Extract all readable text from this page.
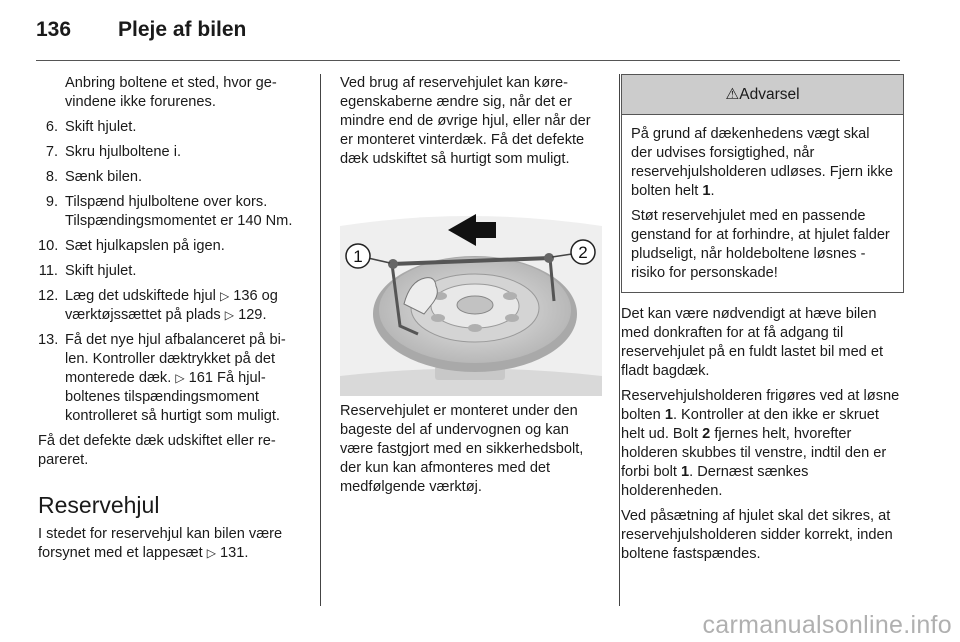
136 Pleje af bilen
Anbring boltene et sted, hvor gevindene ikke forurenes.
6. Skift hjulet.
7. Skru hjulboltene i.
8. Sænk bilen.
9. Tilspænd hjulboltene over kors. Tilspændingsmomentet er 140 Nm.
10. Sæt hjulkapslen på igen.
11. Skift hjulet.
12. Læg det udskiftede hjul ▷ 136 og værktøjssættet på plads ▷ 129.
13. Få det nye hjul afbalanceret på bilen. Kontroller dæktrykket på det monterede dæk. ▷ 161 Få hjulboltenes tilspændingsmoment kontrolleret så hurtigt som muligt.

Få det defekte dæk udskiftet eller repareret.

Reservehjul
I stedet for reservehjul kan bilen være forsynet med et lappesæt ▷ 131.
Ved brug af reservehjulet kan køreegenskaberne ændre sig, når det er mindre end de øvrige hjul, eller når der er monteret vinterdæk. Få det defekte dæk udskiftet så hurtigt som muligt.
1	2

Reservehjulet er monteret under den bageste del af undervognen og kan være fastgjort med en sikkerhedsbolt, der kun kan afmonteres med det medfølgende værktøj.

⚠Advarsel

På grund af dækenhedens vægt skal der udvises forsigtighed, når reservehjulsholderen udløses. Fjern ikke bolten helt 1.

Støt reservehjulet med en passende genstand for at forhindre, at hjulet falder pludseligt, når holdeboltene løsnes - risiko for personskade!

Det kan være nødvendigt at hæve bilen med donkraften for at få adgang til reservehjulet på en fuldt lastet bil med et fladt bagdæk.

Reservehjulsholderen frigøres ved at løsne bolten 1. Kontroller at den ikke er skruet helt ud. Bolt 2 fjernes helt, hvorefter holderen skubbes til venstre, indtil den er forbi bolt 1. Dernæst sænkes holderenheden.

Ved påsætning af hjulet skal det sikres, at reservehjulsholderen sidder korrekt, inden boltene fastspændes.

carmanualsonline.info
